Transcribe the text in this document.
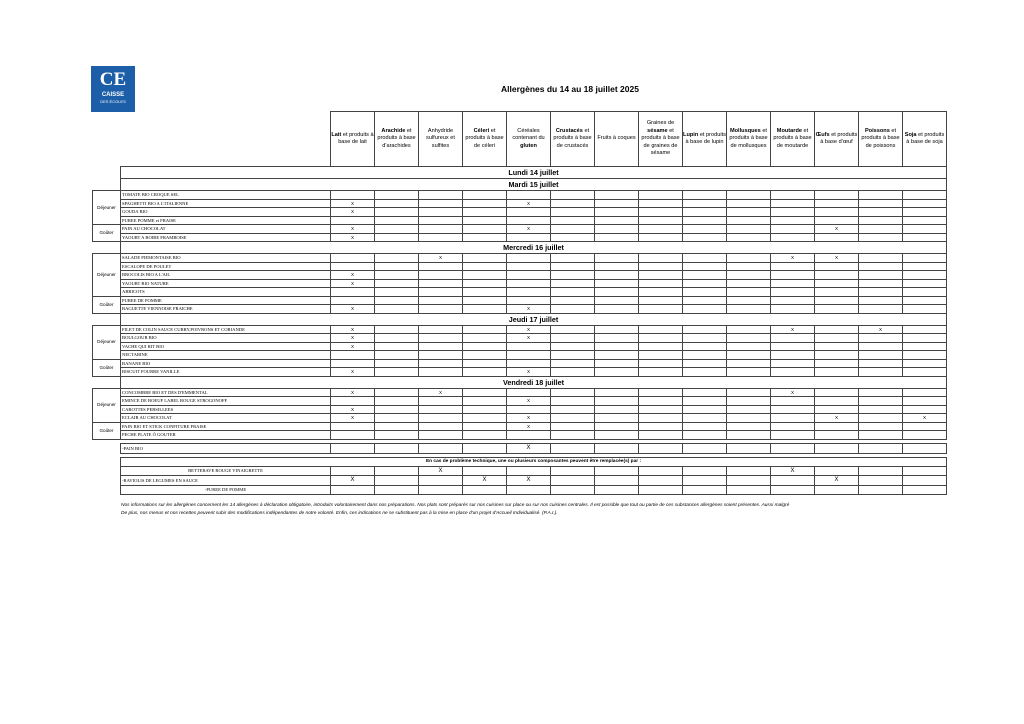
CE
CAISSE
DES ÉCOLES
Allergènes du 14 au 18 juillet 2025
		Lait et produits à base de lait	Arachide et produits à base d'arachides	Anhydride sulfureux et sulfites	Céleri et produits à base de céleri	Céréales contenant du gluten	Crustacés et produits à base de crustacés	Fruits à coques	Graines de sésame et produits à base de graines de sésame	Lupin et produits à base de lupin	Mollusques et produits à base de mollusques	Moutarde et produits à base de moutarde	Œufs et produits à base d'œuf	Poissons et produits à base de poissons	Soja et produits à base de soja
	Lundi 14 juillet														
	Mardi 15 juillet														
Déjeuner	TOMATE BIO CROQUE SEL														
	SPAGHETTI BIO A L'ITALIENNE	X				X									
	GOUDA BIO	X													
	PUREE POMME et FRAISE														
Goûter	PAIN AU CHOCOLAT	X				X							X		
	YAOURT A BOIRE FRAMBOISE	X													
	Mercredi 16 juillet														
Déjeuner	SALADE PIEMONTAISE BIO			X								X	X		
	ESCALOPE DE POULET														
	BROCOLIS BIO A L'AIL	X													
	YAOURT BIO NATURE	X													
	ABRICOTS														
Goûter	PUREE DE POMME														
	BAGUETTE VIENNOISE FRAICHE	X				X									
	Jeudi 17 juillet														
Déjeuner	FILET DE COLIN SAUCE CURRY,POIVRONS ET CORIANDE	X				X						X		X	
	BOULGOUR BIO	X				X									
	VACHE QUI RIT BIO	X													
	NECTARINE														
Goûter	BANANE BIO														
	BISCUIT FOURRE VANILLE	X				X									
	Vendredi 18 juillet														
Déjeuner	CONCOMBRE BIO ET DES D'EMMENTAL	X		X								X			
	EMINCE DE BOEUF LABEL ROUGE STROGONOFF					X									
	CAROTTES PERSILLEES	X													
	ECLAIR AU CHOCOLAT	X				X							X		X
Goûter	PAIN BIO ET STICK CONFITURE FRAISE					X									
	PECHE PLATE Ó GOUTER														

	-PAIN BIO					X									

	En cas de problème technique, une ou plusieurs composantes peuvent être remplacée(s) par :														
	BETTERAVE ROUGE VINAIGRETTE			X								X			
	-RAVIOLIS DE LEGUMES EN SAUCE	X			X	X							X		
	-PUREE DE POMME														
Nos informations sur les allergènes concernent les 14 allergènes à déclaration obligatoire, introduits volontairement dans nos préparations. Nos plats sont préparés sur nos cuisines sur place ou sur nos cuisines centrales. Il est possible que tout ou partie de ces substances allergènes soient présentes. Aussi malgré
De plus, nos menus et nos recettes peuvent subir des modifications indépendantes de notre volonté. Enfin, ces indications ne se substituent pas à la mise en place d'un projet d'Accueil Individualisé. (P.A.I.).
